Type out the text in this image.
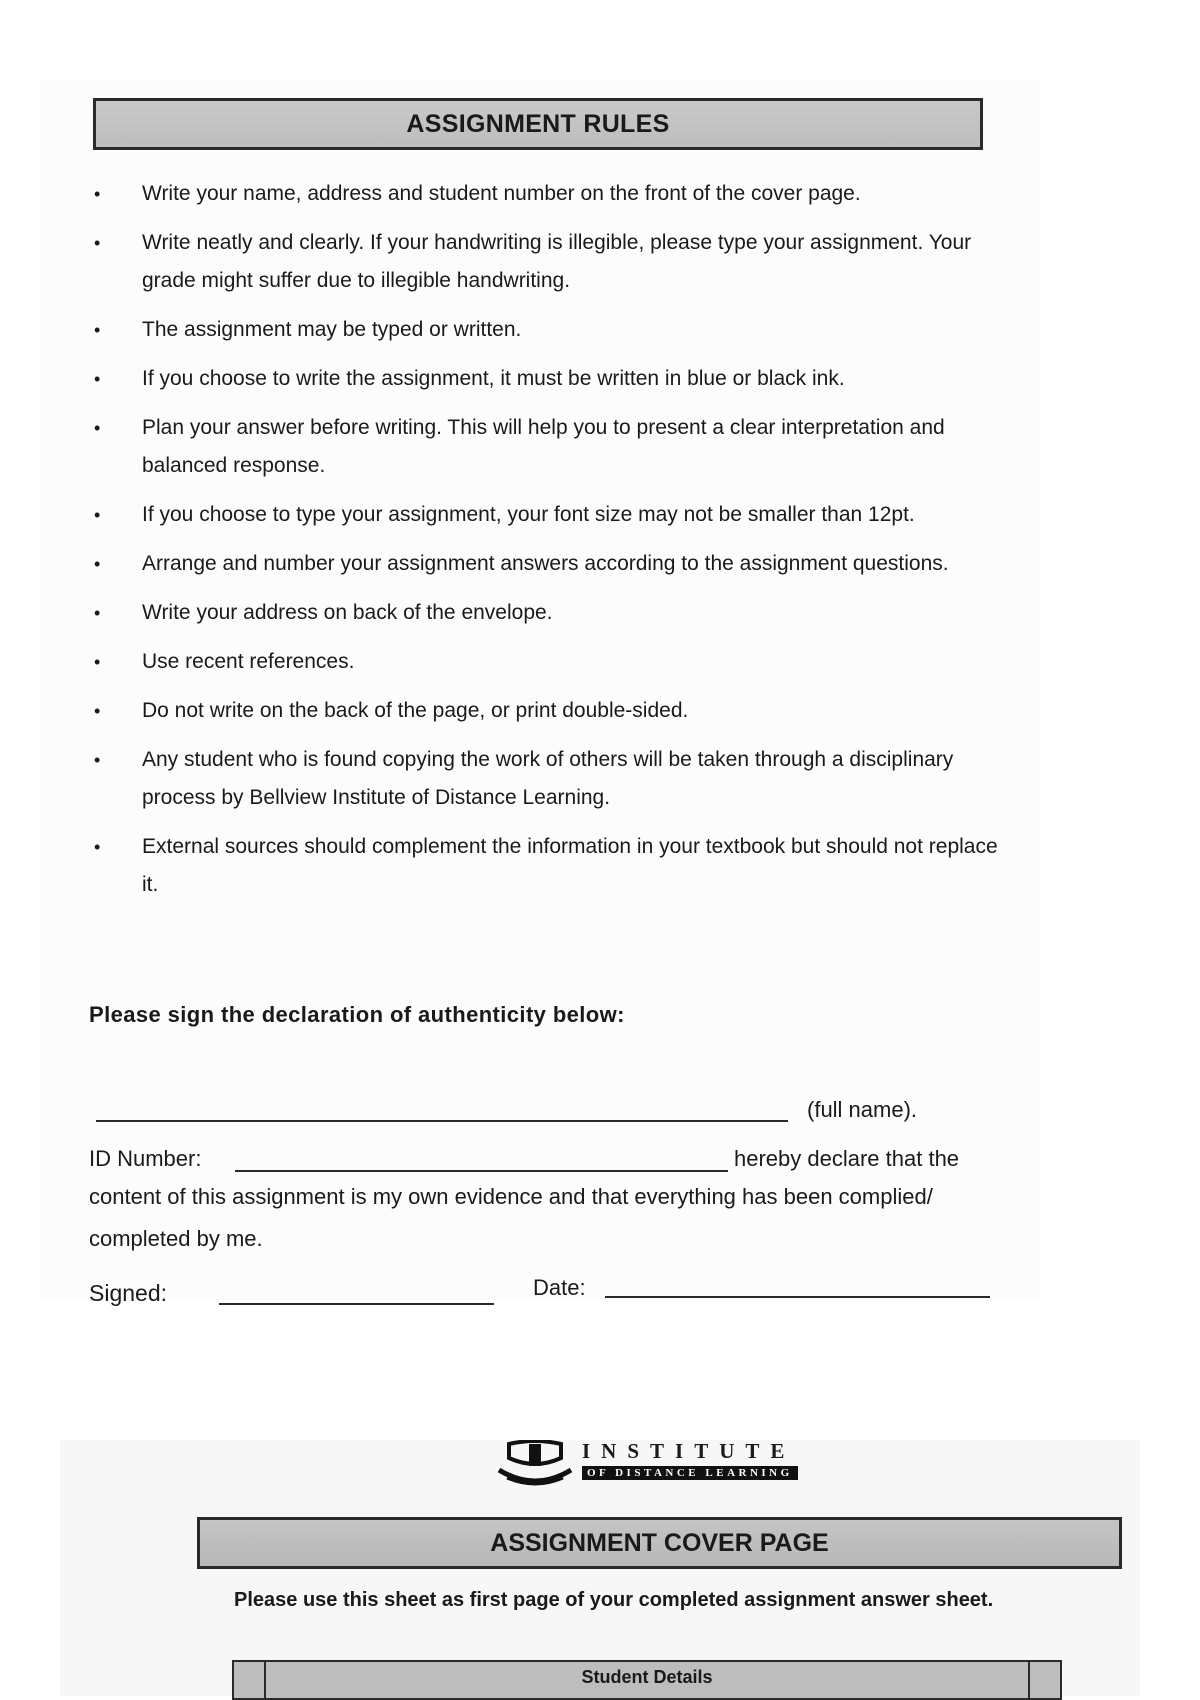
ASSIGNMENT RULES
• Write your name, address and student number on the front of the cover page.
• Write neatly and clearly. If your handwriting is illegible, please type your assignment. Your grade might suffer due to illegible handwriting.
• The assignment may be typed or written.
• If you choose to write the assignment, it must be written in blue or black ink.
• Plan your answer before writing. This will help you to present a clear interpretation and balanced response.
• If you choose to type your assignment, your font size may not be smaller than 12pt.
• Arrange and number your assignment answers according to the assignment questions.
• Write your address on back of the envelope.
• Use recent references.
• Do not write on the back of the page, or print double-sided.
• Any student who is found copying the work of others will be taken through a disciplinary process by Bellview Institute of Distance Learning.
• External sources should complement the information in your textbook but should not replace it.
Please sign the declaration of authenticity below:
(full name).
ID Number:	hereby declare that the
content of this assignment is my own evidence and that everything has been complied/ completed by me.
Signed:	Date:
INSTITUTE
OF DISTANCE LEARNING
ASSIGNMENT COVER PAGE
Please use this sheet as first page of your completed assignment answer sheet.
Student Details
